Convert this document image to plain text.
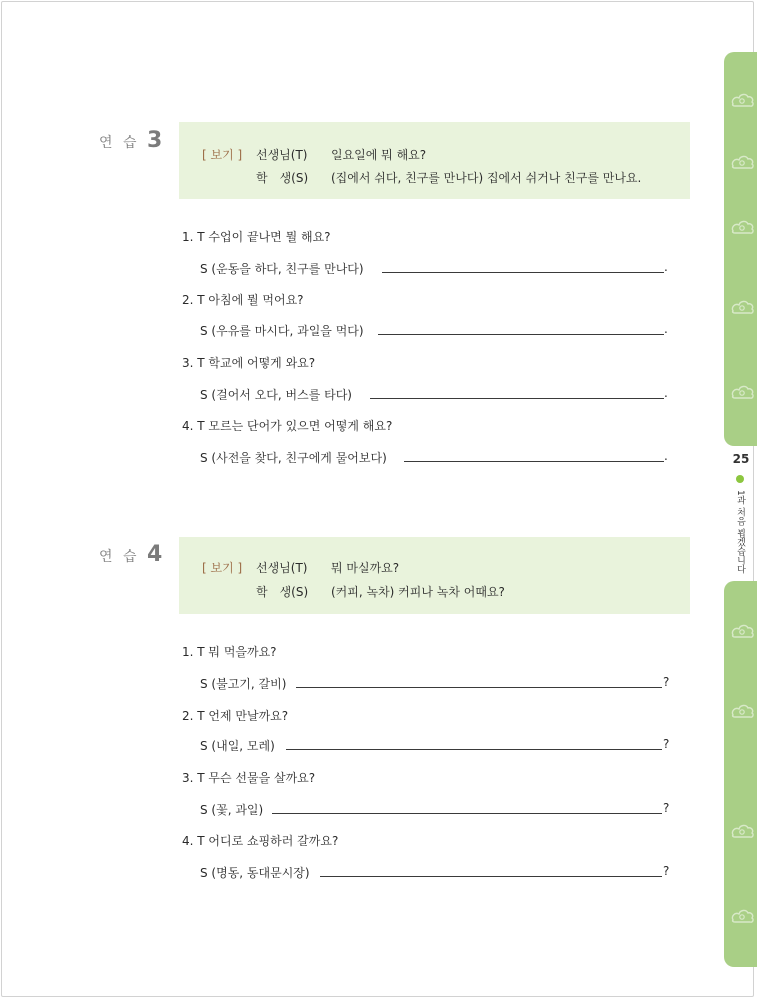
25
1과 처음 뵙겠습니다
연 습 3
[ 보기 ] 선생님(T) 일요일에 뭐 해요?
학　생(S) (집에서 쉬다, 친구를 만나다) 집에서 쉬거나 친구를 만나요.
1. T 수업이 끝나면 뭘 해요?
S (운동을 하다, 친구를 만나다)	.
2. T 아침에 뭘 먹어요?
S (우유를 마시다, 과일을 먹다)	.
3. T 학교에 어떻게 와요?
S (걸어서 오다, 버스를 타다)	.
4. T 모르는 단어가 있으면 어떻게 해요?
S (사전을 찾다, 친구에게 물어보다)	.
연 습 4
[ 보기 ] 선생님(T) 뭐 마실까요?
학　생(S) (커피, 녹차) 커피나 녹차 어때요?
1. T 뭐 먹을까요?
S (불고기, 갈비)	?
2. T 언제 만날까요?
S (내일, 모레)	?
3. T 무슨 선물을 살까요?
S (꽃, 과일)	?
4. T 어디로 쇼핑하러 갈까요?
S (명동, 동대문시장)	?
